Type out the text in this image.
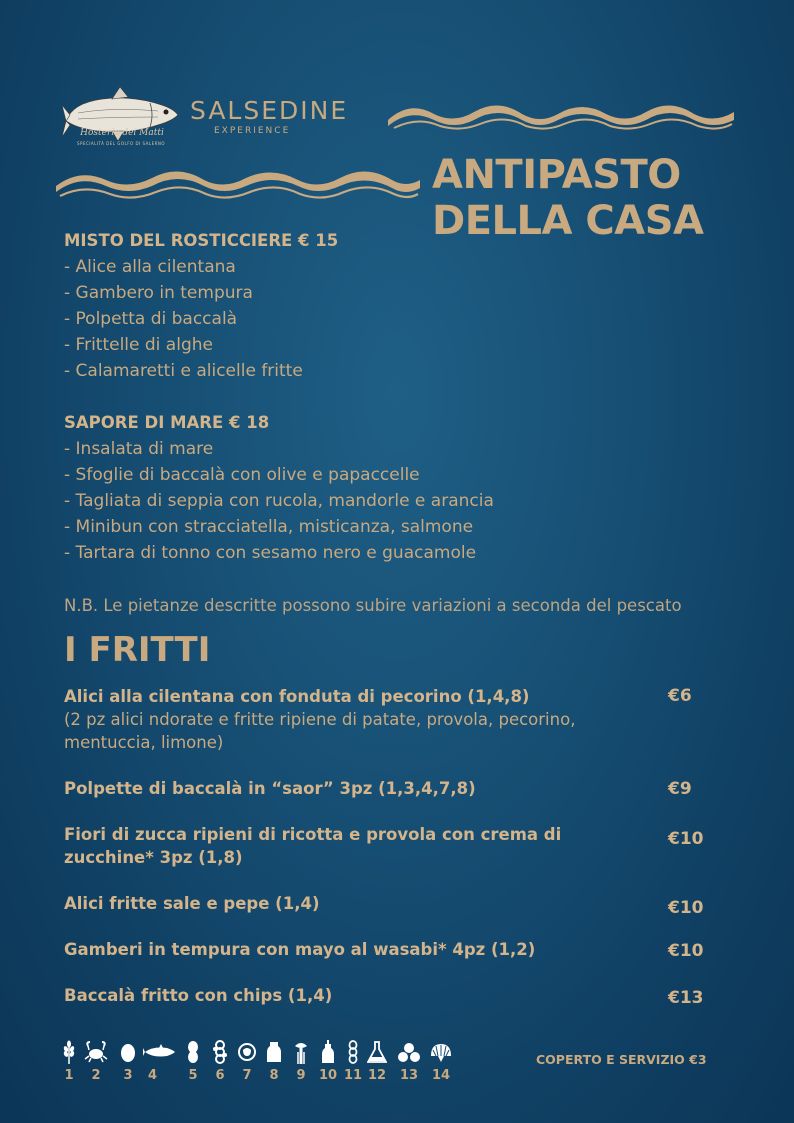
Hosteria dei Matti
SPECIALITÀ DEL GOLFO DI SALERNO
SALSEDINE
EXPERIENCE
ANTIPASTO
DELLA CASA
MISTO DEL ROSTICCIERE € 15
- Alice alla cilentana
- Gambero in tempura
- Polpetta di baccalà
- Frittelle di alghe
- Calamaretti e alicelle fritte
SAPORE DI MARE € 18
- Insalata di mare
- Sfoglie di baccalà con olive e papaccelle
- Tagliata di seppia con rucola, mandorle e arancia
- Minibun con stracciatella, misticanza, salmone
- Tartara di tonno con sesamo nero e guacamole
N.B. Le pietanze descritte possono subire variazioni a seconda del pescato
I FRITTI
Alici alla cilentana con fonduta di pecorino (1,4,8)
(2 pz alici ndorate e fritte ripiene di patate, provola, pecorino, mentuccia, limone)
€6
Polpette di baccalà in “saor” 3pz (1,3,4,7,8)	€9
Fiori di zucca ripieni di ricotta e provola con crema di zucchine* 3pz (1,8)
€10
Alici fritte sale e pepe (1,4)	€10
Gamberi in tempura con mayo al wasabi* 4pz (1,2)	€10
Baccalà fritto con chips (1,4)	€13
1	2	3	4	5	6	7	8	9	10 11 12	13	14
COPERTO E SERVIZIO €3
